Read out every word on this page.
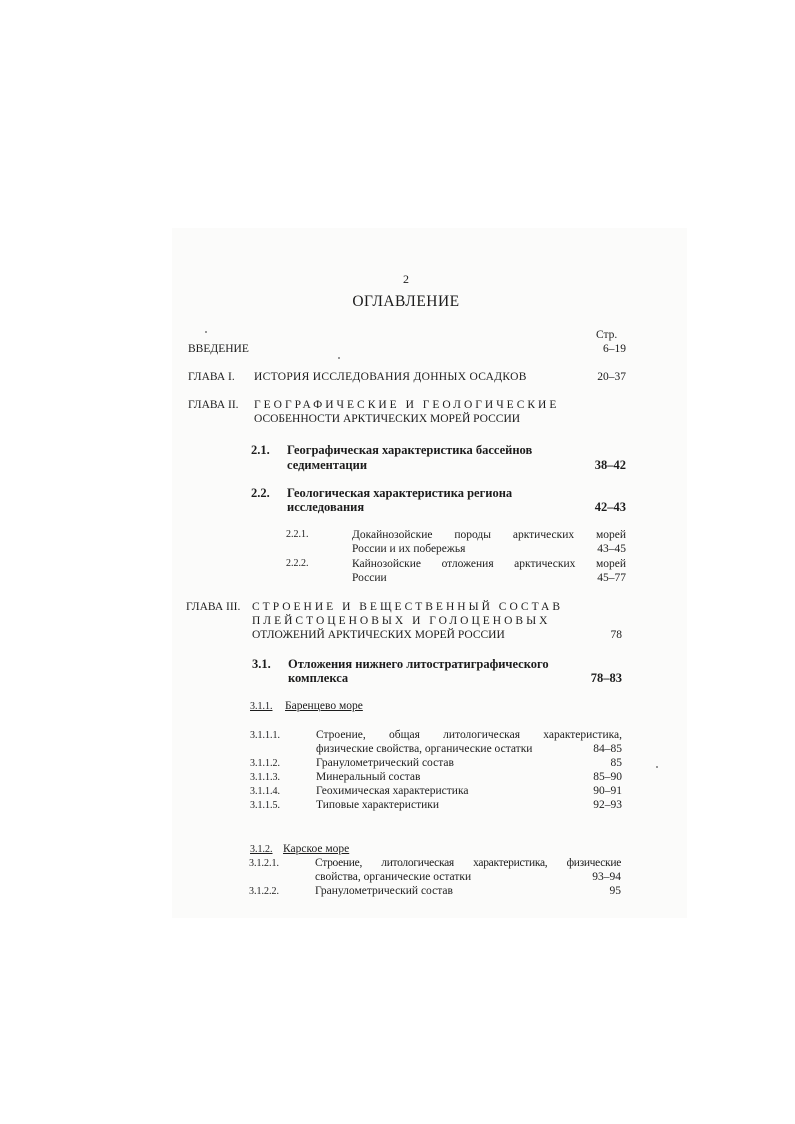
2
ОГЛАВЛЕНИЕ
Стр.
ВВЕДЕНИЕ	6–19
ГЛАВА I. ИСТОРИЯ ИССЛЕДОВАНИЯ ДОННЫХ ОСАДКОВ	20–37
ГЛАВА II. ГЕОГРАФИЧЕСКИЕ И ГЕОЛОГИЧЕСКИЕ
ОСОБЕННОСТИ АРКТИЧЕСКИХ МОРЕЙ РОССИИ
2.1. Географическая характеристика бассейнов
седиментации	38–42
2.2. Геологическая характеристика региона
исследования	42–43
2.2.1.	Докайнозойские породы арктических морей
России и их побережья	43–45
2.2.2.	Кайнозойские отложения арктических морей
России	45–77
ГЛАВА III. СТРОЕНИЕ И ВЕЩЕСТВЕННЫЙ СОСТАВ
ПЛЕЙСТОЦЕНОВЫХ И ГОЛОЦЕНОВЫХ
ОТЛОЖЕНИЙ АРКТИЧЕСКИХ МОРЕЙ РОССИИ	78
3.1. Отложения нижнего литостратиграфического
комплекса	78–83
3.1.1. Баренцево море
3.1.1.1.	Строение, общая литологическая характеристика,
физические свойства, органические остатки	84–85
3.1.1.2.	Гранулометрический состав	85
3.1.1.3.	Минеральный состав	85–90
3.1.1.4.	Геохимическая характеристика	90–91
3.1.1.5.	Типовые характеристики	92–93
3.1.2. Карское море
3.1.2.1.	Строение, литологическая характеристика, физические
свойства, органические остатки	93–94
3.1.2.2.	Гранулометрический состав	95
